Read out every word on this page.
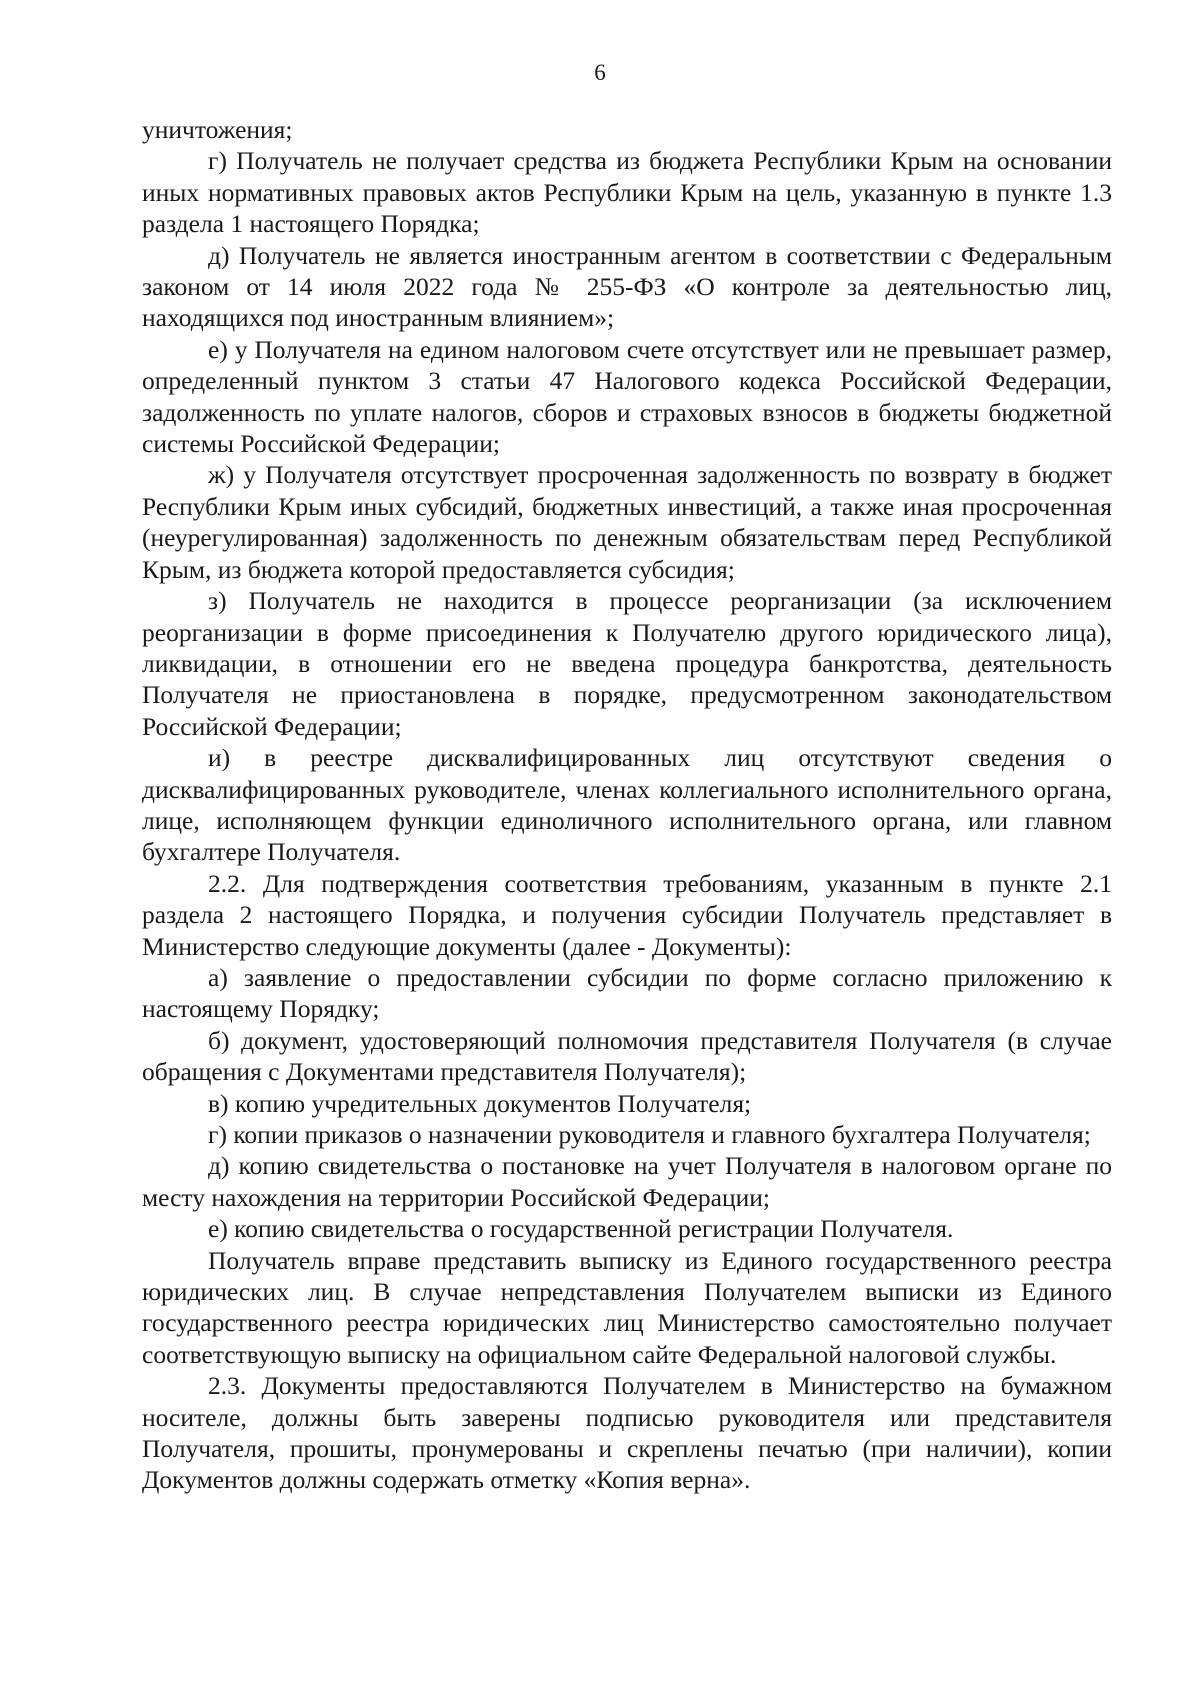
6

уничтожения;

г) Получатель не получает средства из бюджета Республики Крым на основании иных нормативных правовых актов Республики Крым на цель, указанную в пункте 1.3 раздела 1 настоящего Порядка;

д) Получатель не является иностранным агентом в соответствии с Федеральным законом от 14 июля 2022 года № 255-ФЗ «О контроле за деятельностью лиц, находящихся под иностранным влиянием»;

е) у Получателя на едином налоговом счете отсутствует или не превышает размер, определенный пунктом 3 статьи 47 Налогового кодекса Российской Федерации, задолженность по уплате налогов, сборов и страховых взносов в бюджеты бюджетной системы Российской Федерации;

ж) у Получателя отсутствует просроченная задолженность по возврату в бюджет Республики Крым иных субсидий, бюджетных инвестиций, а также иная просроченная (неурегулированная) задолженность по денежным обязательствам перед Республикой Крым, из бюджета которой предоставляется субсидия;

з) Получатель не находится в процессе реорганизации (за исключением реорганизации в форме присоединения к Получателю другого юридического лица), ликвидации, в отношении его не введена процедура банкротства, деятельность Получателя не приостановлена в порядке, предусмотренном законодательством Российской Федерации;

и) в реестре дисквалифицированных лиц отсутствуют сведения о дисквалифицированных руководителе, членах коллегиального исполнительного органа, лице, исполняющем функции единоличного исполнительного органа, или главном бухгалтере Получателя.

2.2. Для подтверждения соответствия требованиям, указанным в пункте 2.1 раздела 2 настоящего Порядка, и получения субсидии Получатель представляет в Министерство следующие документы (далее - Документы):

а) заявление о предоставлении субсидии по форме согласно приложению к настоящему Порядку;

б) документ, удостоверяющий полномочия представителя Получателя (в случае обращения с Документами представителя Получателя);

в) копию учредительных документов Получателя;

г) копии приказов о назначении руководителя и главного бухгалтера Получателя;

д) копию свидетельства о постановке на учет Получателя в налоговом органе по месту нахождения на территории Российской Федерации;

е) копию свидетельства о государственной регистрации Получателя.

Получатель вправе представить выписку из Единого государственного реестра юридических лиц. В случае непредставления Получателем выписки из Единого государственного реестра юридических лиц Министерство самостоятельно получает соответствующую выписку на официальном сайте Федеральной налоговой службы.

2.3. Документы предоставляются Получателем в Министерство на бумажном носителе, должны быть заверены подписью руководителя или представителя Получателя, прошиты, пронумерованы и скреплены печатью (при наличии), копии Документов должны содержать отметку «Копия верна».
